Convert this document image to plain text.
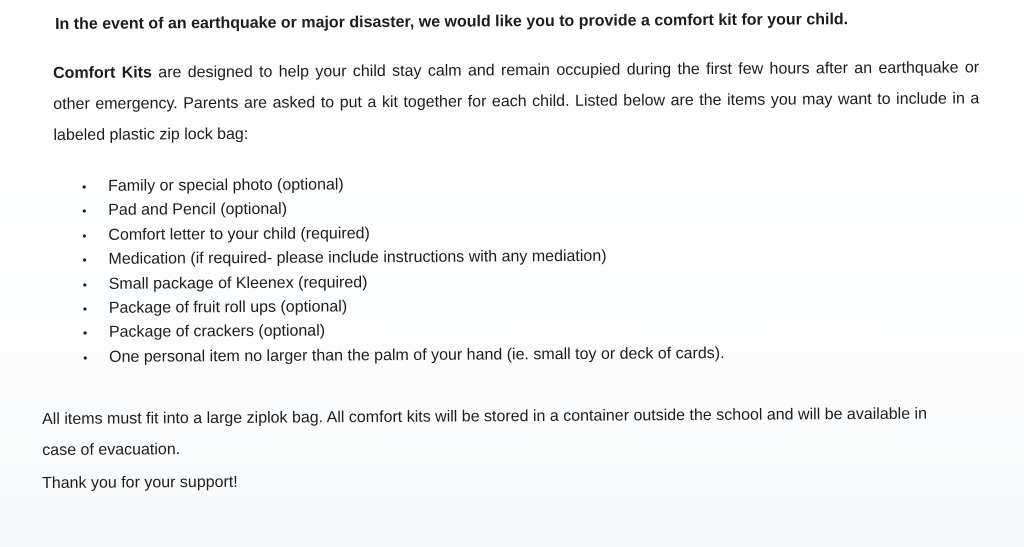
In the event of an earthquake or major disaster, we would like you to provide a comfort kit for your child.
Comfort Kits are designed to help your child stay calm and remain occupied during the first few hours after an earthquake or other emergency. Parents are asked to put a kit together for each child. Listed below are the items you may want to include in a labeled plastic zip lock bag:
• Family or special photo (optional)
• Pad and Pencil (optional)
• Comfort letter to your child (required)
• Medication (if required- please include instructions with any mediation)
• Small package of Kleenex (required)
• Package of fruit roll ups (optional)
• Package of crackers (optional)
• One personal item no larger than the palm of your hand (ie. small toy or deck of cards).
All items must fit into a large ziplok bag. All comfort kits will be stored in a container outside the school and will be available in case of evacuation.
Thank you for your support!
